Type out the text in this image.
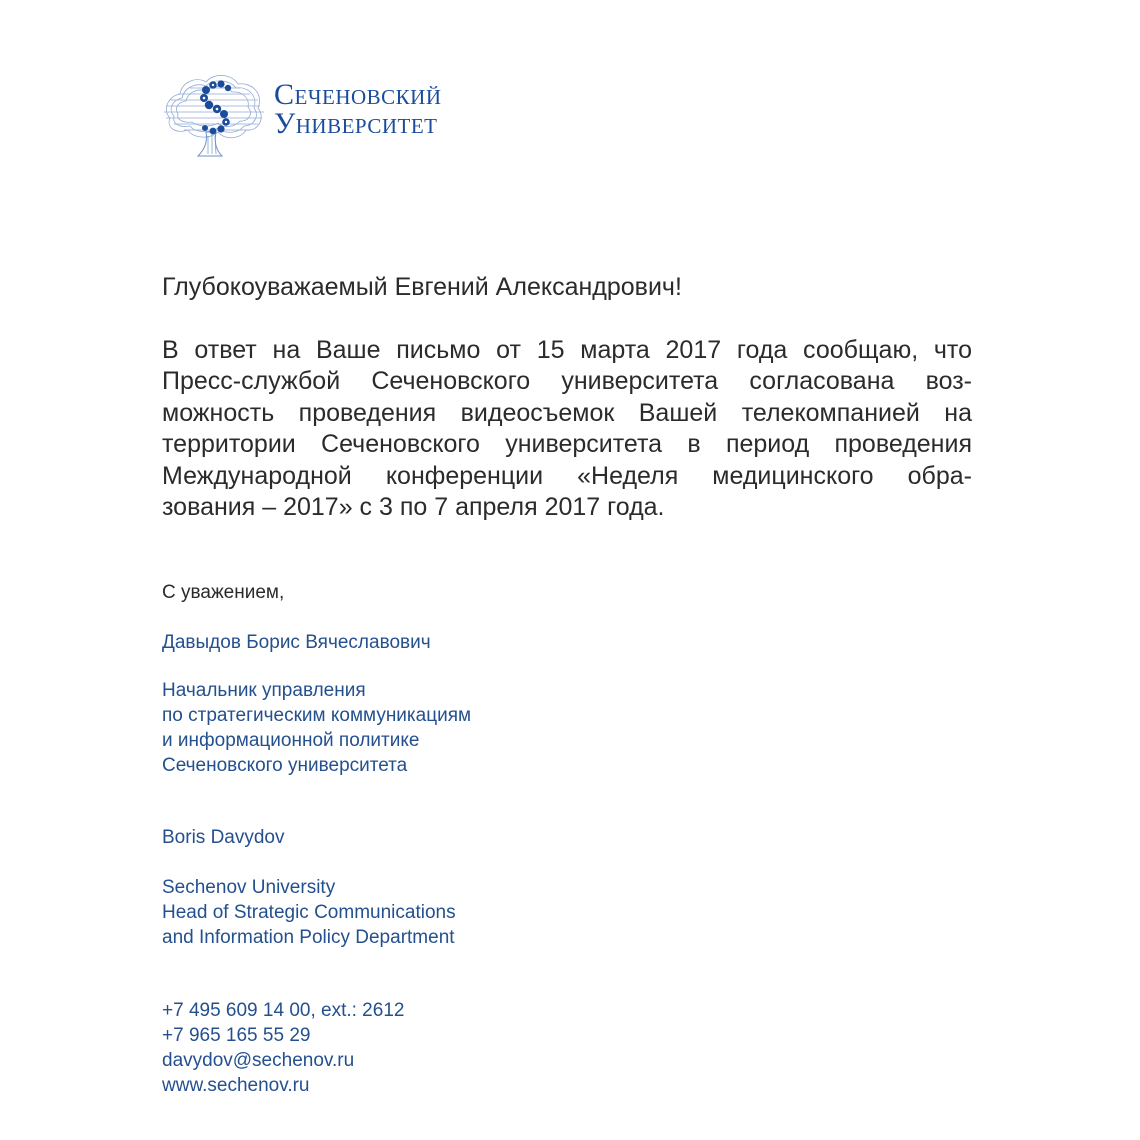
Сеченовский
Университет
Глубокоуважаемый Евгений Александрович!
В ответ на Ваше письмо от 15 марта 2017 года сообщаю, что
Пресс-службой Сеченовского университета согласована воз-
можность проведения видеосъемок Вашей телекомпанией на
территории Сеченовского университета в период проведения
Международной конференции «Неделя медицинского обра-
зования – 2017» с 3 по 7 апреля 2017 года.
С уважением,
Давыдов Борис Вячеславович
Начальник управления
по стратегическим коммуникациям
и информационной политике
Сеченовского университета
Boris Davydov
Sechenov University
Head of Strategic Communications
and Information Policy Department
+7 495 609 14 00, ext.: 2612
+7 965 165 55 29
davydov@sechenov.ru
www.sechenov.ru
